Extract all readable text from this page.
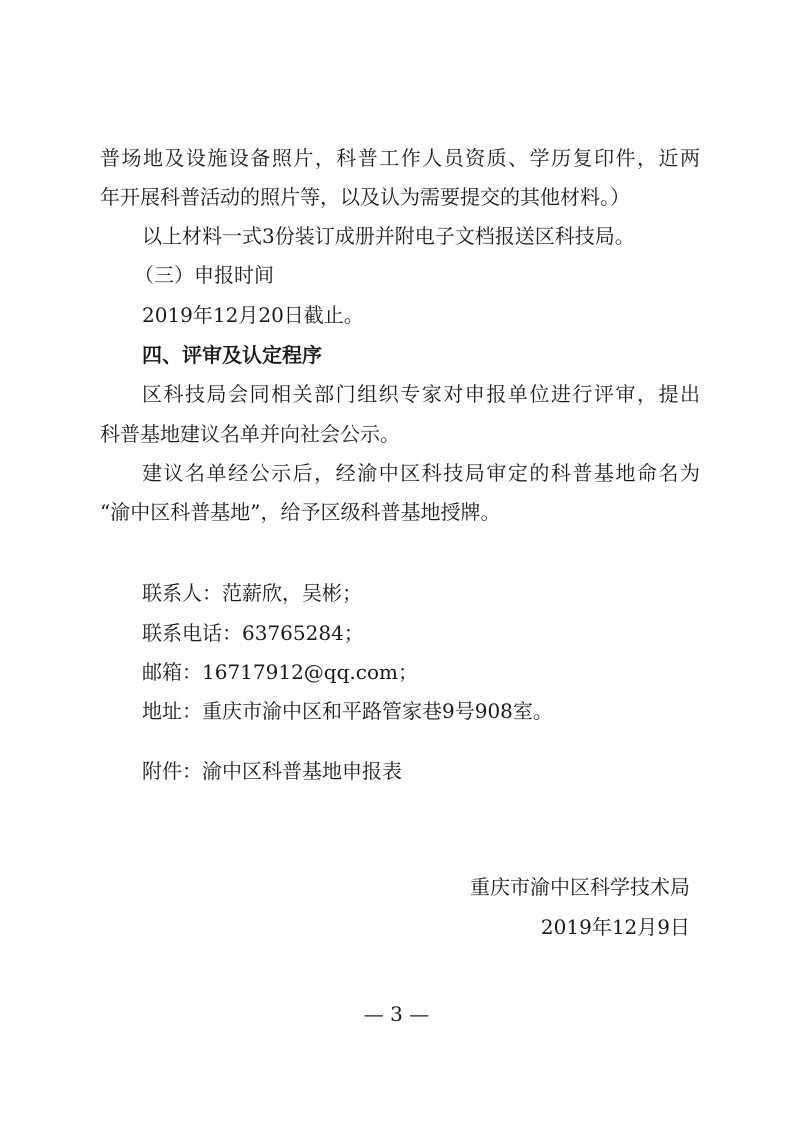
普场地及设施设备照片，科普工作人员资质、学历复印件，近两
年开展科普活动的照片等，以及认为需要提交的其他材料。）
以上材料一式3份装订成册并附电子文档报送区科技局。
（三）申报时间
2019年12月20日截止。
四、评审及认定程序
区科技局会同相关部门组织专家对申报单位进行评审，提出
科普基地建议名单并向社会公示。
建议名单经公示后，经渝中区科技局审定的科普基地命名为
“渝中区科普基地”，给予区级科普基地授牌。
联系人：范薪欣，吴彬；
联系电话：63765284；
邮箱：16717912@qq.com；
地址：重庆市渝中区和平路管家巷9号908室。
附件：渝中区科普基地申报表
重庆市渝中区科学技术局
2019年12月9日
— 3 —
